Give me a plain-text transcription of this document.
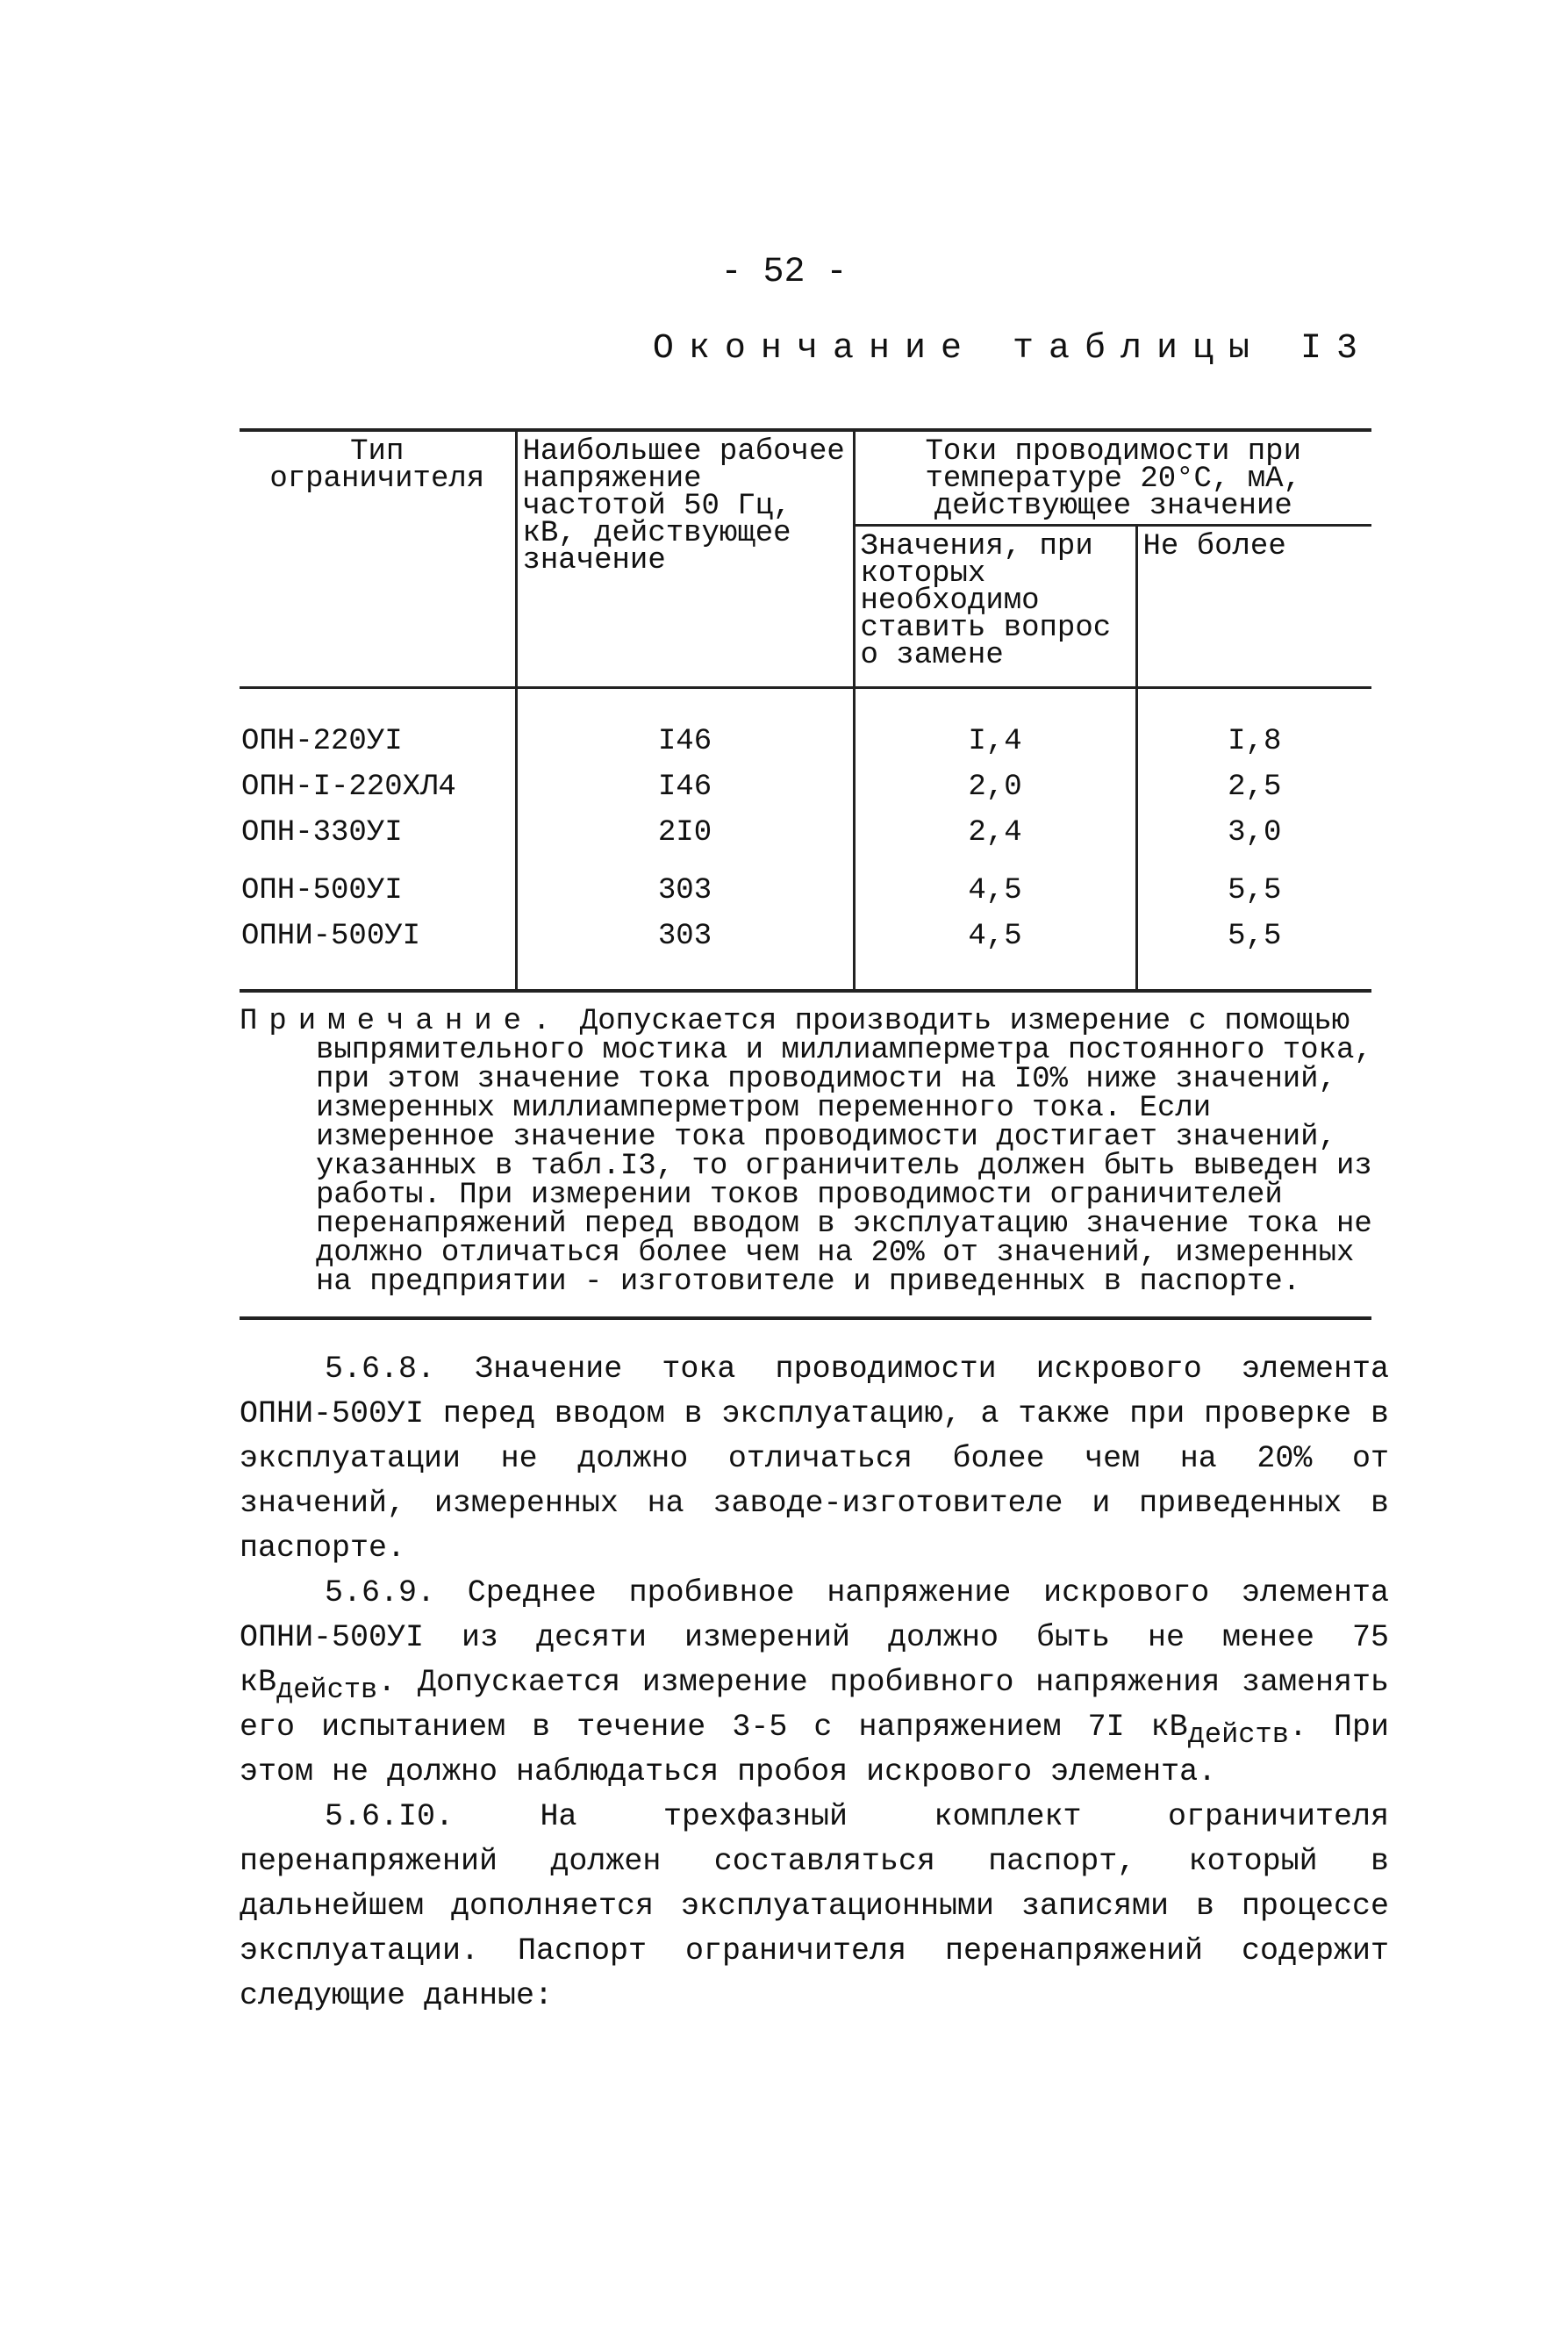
- 52 -
Окончание таблицы I3
Тип ограничителя	Наибольшее рабочее напряжение частотой 50 Гц, кВ, действующее значение	Токи проводимости при температуре 20°С, мА, действующее значение	
		Значения, при которых необходимо ставить вопрос о замене	Не более
ОПН-220УI	I46	I,4	I,8
ОПН-I-220ХЛ4	I46	2,0	2,5
ОПН-330УI	2I0	2,4	3,0
ОПН-500УI	303	4,5	5,5
ОПНИ-500УI	303	4,5	5,5
Примечание. Допускается производить измерение с помощью
выпрямительного мостика и миллиамперметра постоянного тока, при этом значение тока проводимости на I0% ниже значений, измеренных миллиамперметром переменного тока. Если измеренное значение тока проводимости достигает значений, указанных в табл.I3, то ограничитель должен быть выведен из работы. При измерении токов проводимости ограничителей перенапряжений перед вводом в эксплуатацию значение тока не должно отличаться более чем на 20% от значений, измеренных на предприятии - изготовителе и приведенных в паспорте.

5.6.8. Значение тока проводимости искрового элемента ОПНИ-500УI перед вводом в эксплуатацию, а также при проверке в эксплуатации не должно отличаться более чем на 20% от значений, измеренных на заводе-изготовителе и приведенных в паспорте.

5.6.9. Среднее пробивное напряжение искрового элемента ОПНИ-500УI из десяти измерений должно быть не менее 75 $кВ_{действ}$. Допускается измерение пробивного напряжения заменять его испытанием в течение 3-5 с напряжением 7I $кВ_{действ}$. При этом не должно наблюдаться пробоя искрового элемента.

5.6.I0. На трехфазный комплект ограничителя перенапряжений должен составляться паспорт, который в дальнейшем дополняется эксплуатационными записями в процессе эксплуатации. Паспорт ограничителя перенапряжений содержит следующие данные:
